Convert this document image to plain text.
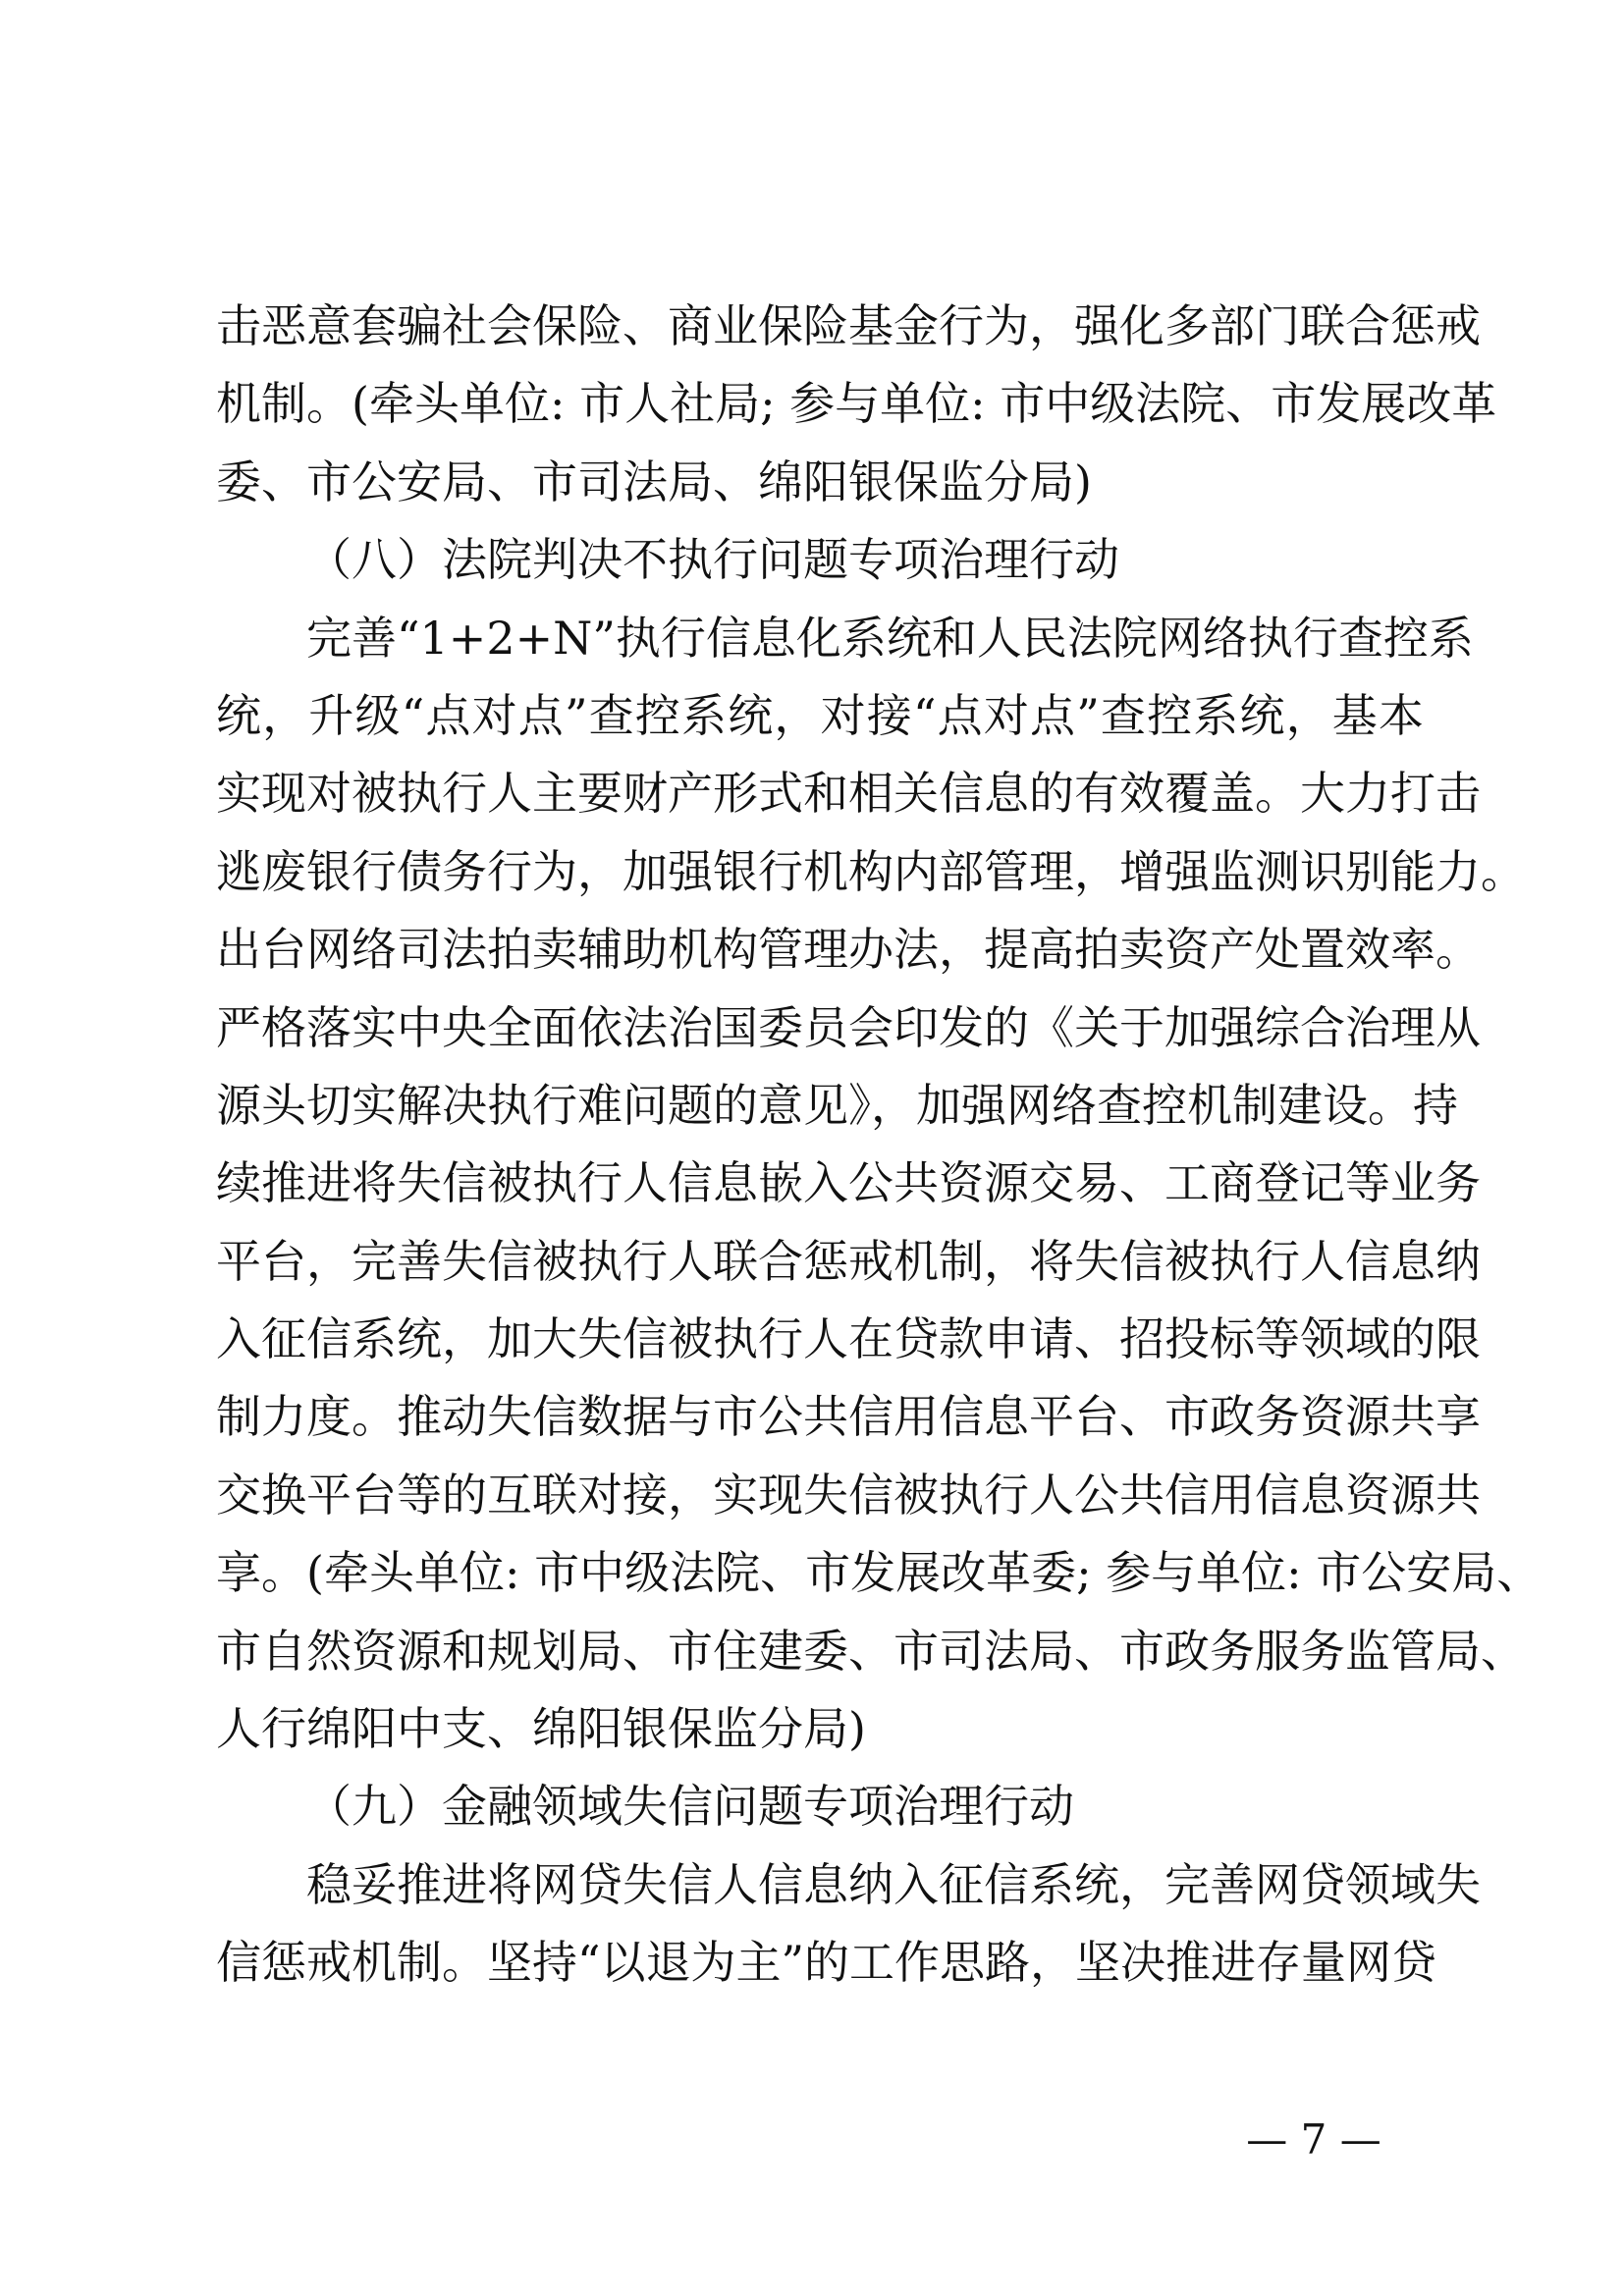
击恶意套骗社会保险、商业保险基金行为，强化多部门联合惩戒
机制。(牵头单位: 市人社局; 参与单位: 市中级法院、市发展改革
委、市公安局、市司法局、绵阳银保监分局)
（八）法院判决不执行问题专项治理行动
完善“1+2+N”执行信息化系统和人民法院网络执行查控系
统，升级“点对点”查控系统，对接“点对点”查控系统，基本
实现对被执行人主要财产形式和相关信息的有效覆盖。大力打击
逃废银行债务行为，加强银行机构内部管理，增强监测识别能力。
出台网络司法拍卖辅助机构管理办法，提高拍卖资产处置效率。
严格落实中央全面依法治国委员会印发的《关于加强综合治理从
源头切实解决执行难问题的意见》，加强网络查控机制建设。持
续推进将失信被执行人信息嵌入公共资源交易、工商登记等业务
平台，完善失信被执行人联合惩戒机制，将失信被执行人信息纳
入征信系统，加大失信被执行人在贷款申请、招投标等领域的限
制力度。推动失信数据与市公共信用信息平台、市政务资源共享
交换平台等的互联对接，实现失信被执行人公共信用信息资源共
享。(牵头单位: 市中级法院、市发展改革委; 参与单位: 市公安局、
市自然资源和规划局、市住建委、市司法局、市政务服务监管局、
人行绵阳中支、绵阳银保监分局)
（九）金融领域失信问题专项治理行动
稳妥推进将网贷失信人信息纳入征信系统，完善网贷领域失
信惩戒机制。坚持“以退为主”的工作思路，坚决推进存量网贷
— 7 —
